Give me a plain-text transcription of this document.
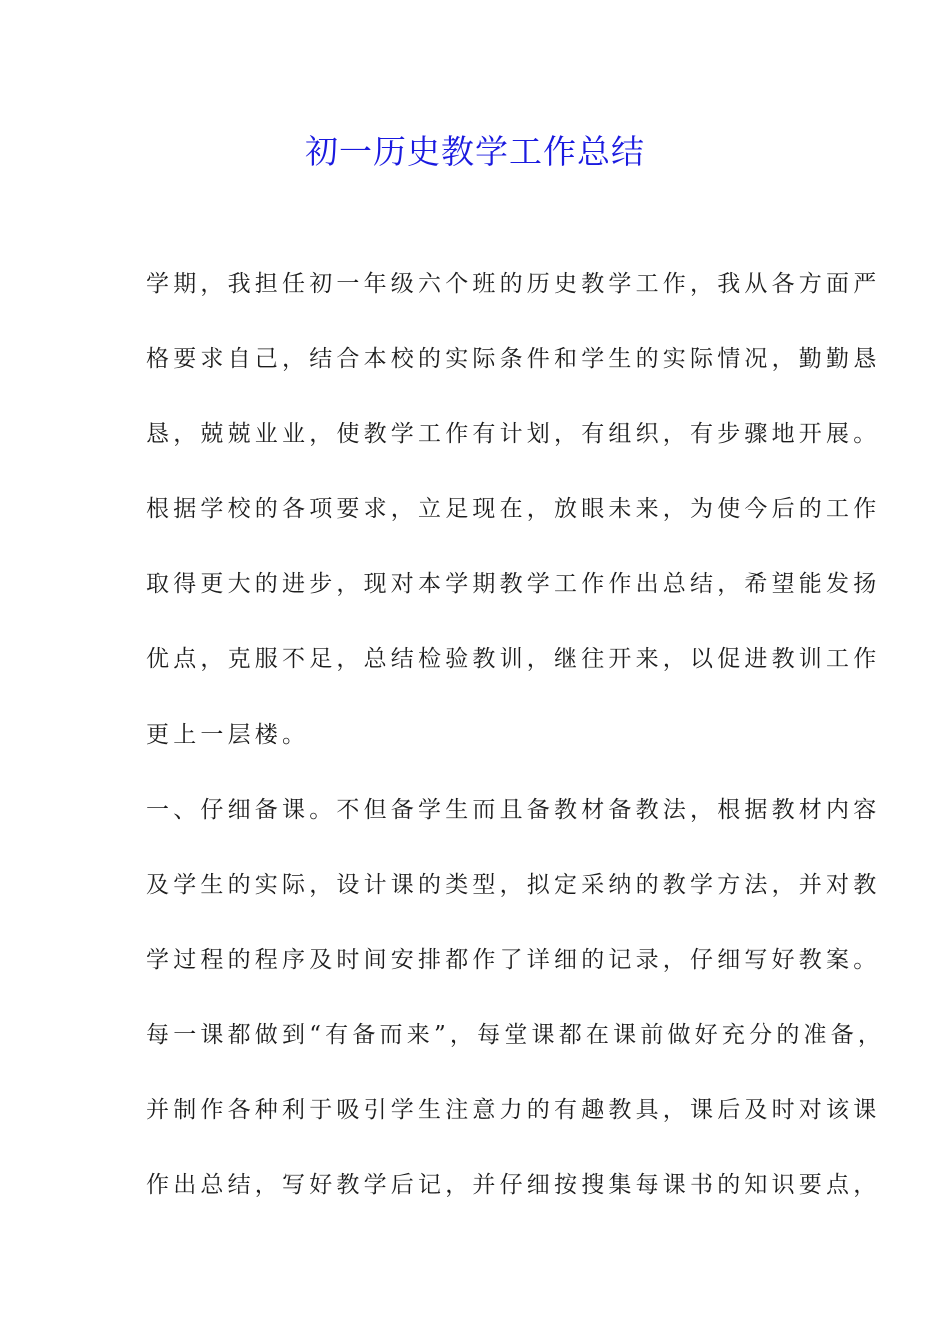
初一历史教学工作总结
学期，我担任初一年级六个班的历史教学工作，我从各方面严
格要求自己，结合本校的实际条件和学生的实际情况，勤勤恳
恳，兢兢业业，使教学工作有计划，有组织，有步骤地开展。
根据学校的各项要求，立足现在，放眼未来，为使今后的工作
取得更大的进步，现对本学期教学工作作出总结，希望能发扬
优点，克服不足，总结检验教训，继往开来，以促进教训工作
更上一层楼。
一、仔细备课。不但备学生而且备教材备教法，根据教材内容
及学生的实际，设计课的类型，拟定采纳的教学方法，并对教
学过程的程序及时间安排都作了详细的记录，仔细写好教案。
每一课都做到“有备而来”，每堂课都在课前做好充分的准备，
并制作各种利于吸引学生注意力的有趣教具，课后及时对该课
作出总结，写好教学后记，并仔细按搜集每课书的知识要点，
